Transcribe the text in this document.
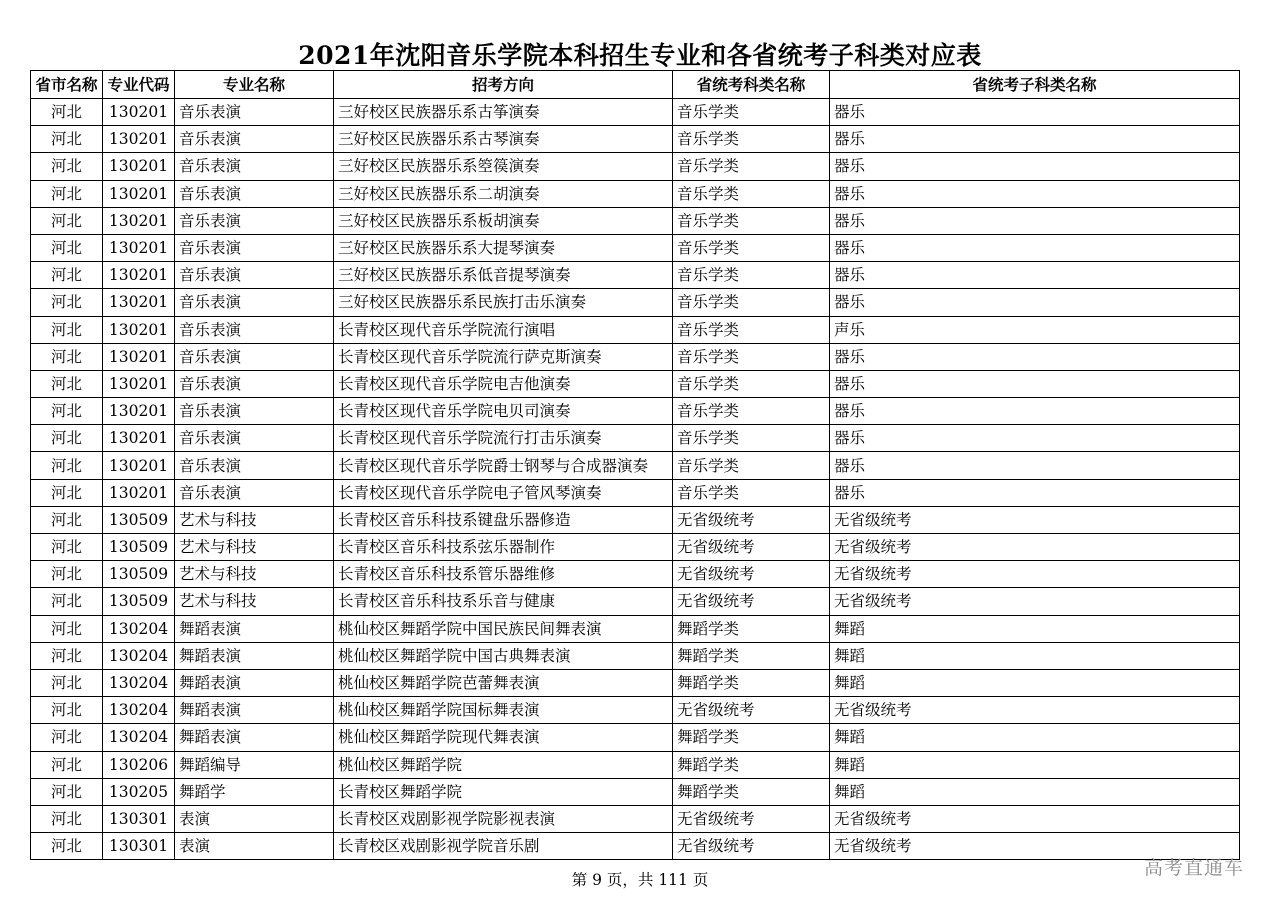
2021年沈阳音乐学院本科招生专业和各省统考子科类对应表
省市名称	专业代码	专业名称	招考方向	省统考科类名称	省统考子科类名称
河北	130201	音乐表演	三好校区民族器乐系古筝演奏	音乐学类	器乐
河北	130201	音乐表演	三好校区民族器乐系古琴演奏	音乐学类	器乐
河北	130201	音乐表演	三好校区民族器乐系箜篌演奏	音乐学类	器乐
河北	130201	音乐表演	三好校区民族器乐系二胡演奏	音乐学类	器乐
河北	130201	音乐表演	三好校区民族器乐系板胡演奏	音乐学类	器乐
河北	130201	音乐表演	三好校区民族器乐系大提琴演奏	音乐学类	器乐
河北	130201	音乐表演	三好校区民族器乐系低音提琴演奏	音乐学类	器乐
河北	130201	音乐表演	三好校区民族器乐系民族打击乐演奏	音乐学类	器乐
河北	130201	音乐表演	长青校区现代音乐学院流行演唱	音乐学类	声乐
河北	130201	音乐表演	长青校区现代音乐学院流行萨克斯演奏	音乐学类	器乐
河北	130201	音乐表演	长青校区现代音乐学院电吉他演奏	音乐学类	器乐
河北	130201	音乐表演	长青校区现代音乐学院电贝司演奏	音乐学类	器乐
河北	130201	音乐表演	长青校区现代音乐学院流行打击乐演奏	音乐学类	器乐
河北	130201	音乐表演	长青校区现代音乐学院爵士钢琴与合成器演奏	音乐学类	器乐
河北	130201	音乐表演	长青校区现代音乐学院电子管风琴演奏	音乐学类	器乐
河北	130509	艺术与科技	长青校区音乐科技系键盘乐器修造	无省级统考	无省级统考
河北	130509	艺术与科技	长青校区音乐科技系弦乐器制作	无省级统考	无省级统考
河北	130509	艺术与科技	长青校区音乐科技系管乐器维修	无省级统考	无省级统考
河北	130509	艺术与科技	长青校区音乐科技系乐音与健康	无省级统考	无省级统考
河北	130204	舞蹈表演	桃仙校区舞蹈学院中国民族民间舞表演	舞蹈学类	舞蹈
河北	130204	舞蹈表演	桃仙校区舞蹈学院中国古典舞表演	舞蹈学类	舞蹈
河北	130204	舞蹈表演	桃仙校区舞蹈学院芭蕾舞表演	舞蹈学类	舞蹈
河北	130204	舞蹈表演	桃仙校区舞蹈学院国标舞表演	无省级统考	无省级统考
河北	130204	舞蹈表演	桃仙校区舞蹈学院现代舞表演	舞蹈学类	舞蹈
河北	130206	舞蹈编导	桃仙校区舞蹈学院	舞蹈学类	舞蹈
河北	130205	舞蹈学	长青校区舞蹈学院	舞蹈学类	舞蹈
河北	130301	表演	长青校区戏剧影视学院影视表演	无省级统考	无省级统考
河北	130301	表演	长青校区戏剧影视学院音乐剧	无省级统考	无省级统考
第 9 页，共 111 页
高考直通车
